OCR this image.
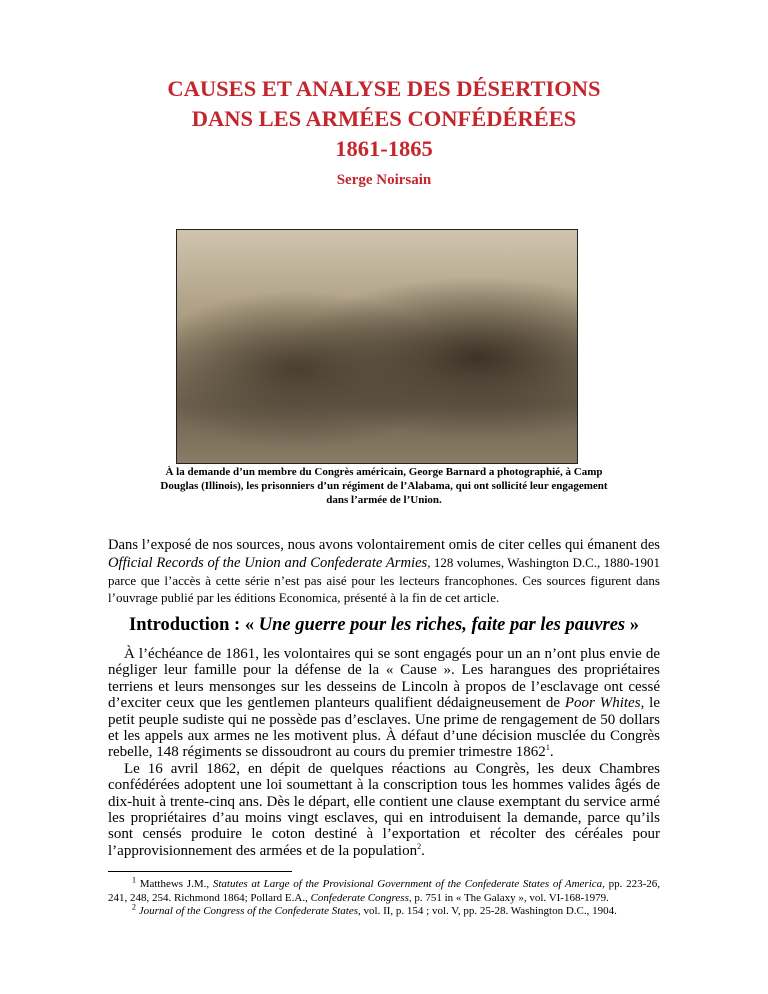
CAUSES ET ANALYSE DES DÉSERTIONS
DANS LES ARMÉES CONFÉDÉRÉES
1861-1865
Serge Noirsain
À la demande d’un membre du Congrès américain, George Barnard a photographié, à Camp Douglas (Illinois), les prisonniers d’un régiment de l’Alabama, qui ont sollicité leur engagement dans l’armée de l’Union.
Dans l’exposé de nos sources, nous avons volontairement omis de citer celles qui émanent des Official Records of the Union and Confederate Armies, 128 volumes, Washington D.C., 1880-1901 parce que l’accès à cette série n’est pas aisé pour les lecteurs francophones. Ces sources figurent dans l’ouvrage publié par les éditions Economica, présenté à la fin de cet article.
Introduction : « Une guerre pour les riches, faite par les pauvres »

À l’échéance de 1861, les volontaires qui se sont engagés pour un an n’ont plus envie de négliger leur famille pour la défense de la « Cause ». Les harangues des propriétaires terriens et leurs mensonges sur les desseins de Lincoln à propos de l’esclavage ont cessé d’exciter ceux que les gentlemen planteurs qualifient dédaigneusement de Poor Whites, le petit peuple sudiste qui ne possède pas d’esclaves. Une prime de rengagement de 50 dollars et les appels aux armes ne les motivent plus. À défaut d’une décision musclée du Congrès rebelle, 148 régiments se dissoudront au cours du premier trimestre 1862$^1$.

Le 16 avril 1862, en dépit de quelques réactions au Congrès, les deux Chambres confédérées adoptent une loi soumettant à la conscription tous les hommes valides âgés de dix-huit à trente-cinq ans. Dès le départ, elle contient une clause exemptant du service armé les propriétaires d’au moins vingt esclaves, qui en introduisent la demande, parce qu’ils sont censés produire le coton destiné à l’exportation et récolter des céréales pour l’approvisionnement des armées et de la population$^2$.

$^1$ Matthews J.M., Statutes at Large of the Provisional Government of the Confederate States of America, pp. 223-26, 241, 248, 254. Richmond 1864; Pollard E.A., Confederate Congress, p. 751 in « The Galaxy », vol. VI-168-1979.

$^2$ Journal of the Congress of the Confederate States, vol. II, p. 154 ; vol. V, pp. 25-28. Washington D.C., 1904.
